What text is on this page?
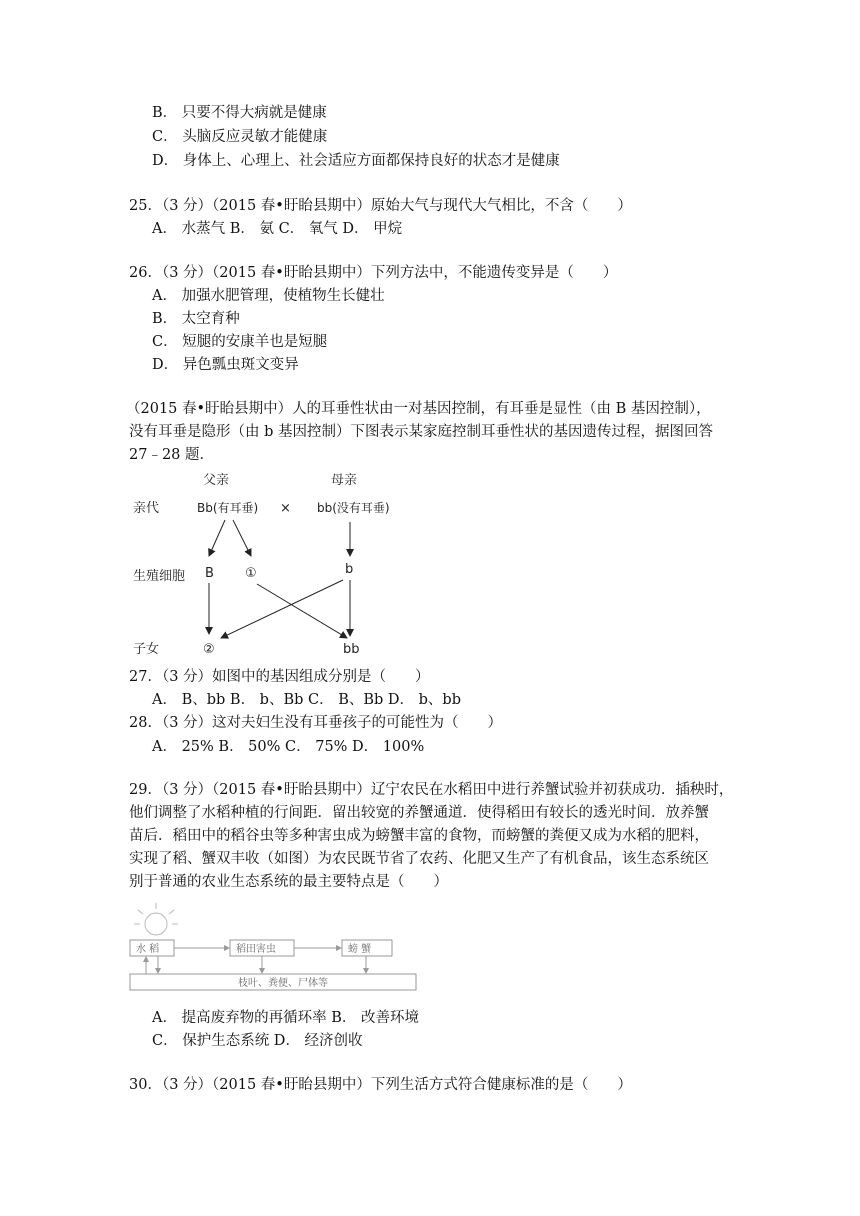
B． 只要不得大病就是健康
C． 头脑反应灵敏才能健康
D． 身体上、心理上、社会适应方面都保持良好的状态才是健康
25．（3 分）（2015 春•盱眙县期中）原始大气与现代大气相比，不含（　　）
A． 水蒸气 B． 氨 C． 氧气 D． 甲烷
26．（3 分）（2015 春•盱眙县期中）下列方法中，不能遗传变异是（　　）
A． 加强水肥管理，使植物生长健壮
B． 太空育种
C． 短腿的安康羊也是短腿
D． 异色瓢虫斑文变异
（2015 春•盱眙县期中）人的耳垂性状由一对基因控制，有耳垂是显性（由 B 基因控制），
没有耳垂是隐形（由 b 基因控制）下图表示某家庭控制耳垂性状的基因遗传过程，据图回答
27﹣28 题．
父亲	母亲
亲代	Bb(有耳垂) × bb(没有耳垂)
生殖细胞 B ①	b
子女	②	bb
27．（3 分）如图中的基因组成分别是（　　）
A． B、bb B． b、Bb C． B、Bb D． b、bb
28．（3 分）这对夫妇生没有耳垂孩子的可能性为（　　）
A． 25% B． 50% C． 75% D． 100%
29．（3 分）（2015 春•盱眙县期中）辽宁农民在水稻田中进行养蟹试验并初获成功．插秧时，
他们调整了水稻种植的行间距．留出较宽的养蟹通道．使得稻田有较长的透光时间．放养蟹
苗后．稻田中的稻谷虫等多种害虫成为螃蟹丰富的食物，而螃蟹的粪便又成为水稻的肥料，
实现了稻、蟹双丰收（如图）为农民既节省了农药、化肥又生产了有机食品，该生态系统区
别于普通的农业生态系统的最主要特点是（　　）
水 稻	稻田害虫	螃 蟹
枝叶、粪便、尸体等
A． 提高废弃物的再循环率 B． 改善环境
C． 保护生态系统 D． 经济创收
30．（3 分）（2015 春•盱眙县期中）下列生活方式符合健康标准的是（　　）
